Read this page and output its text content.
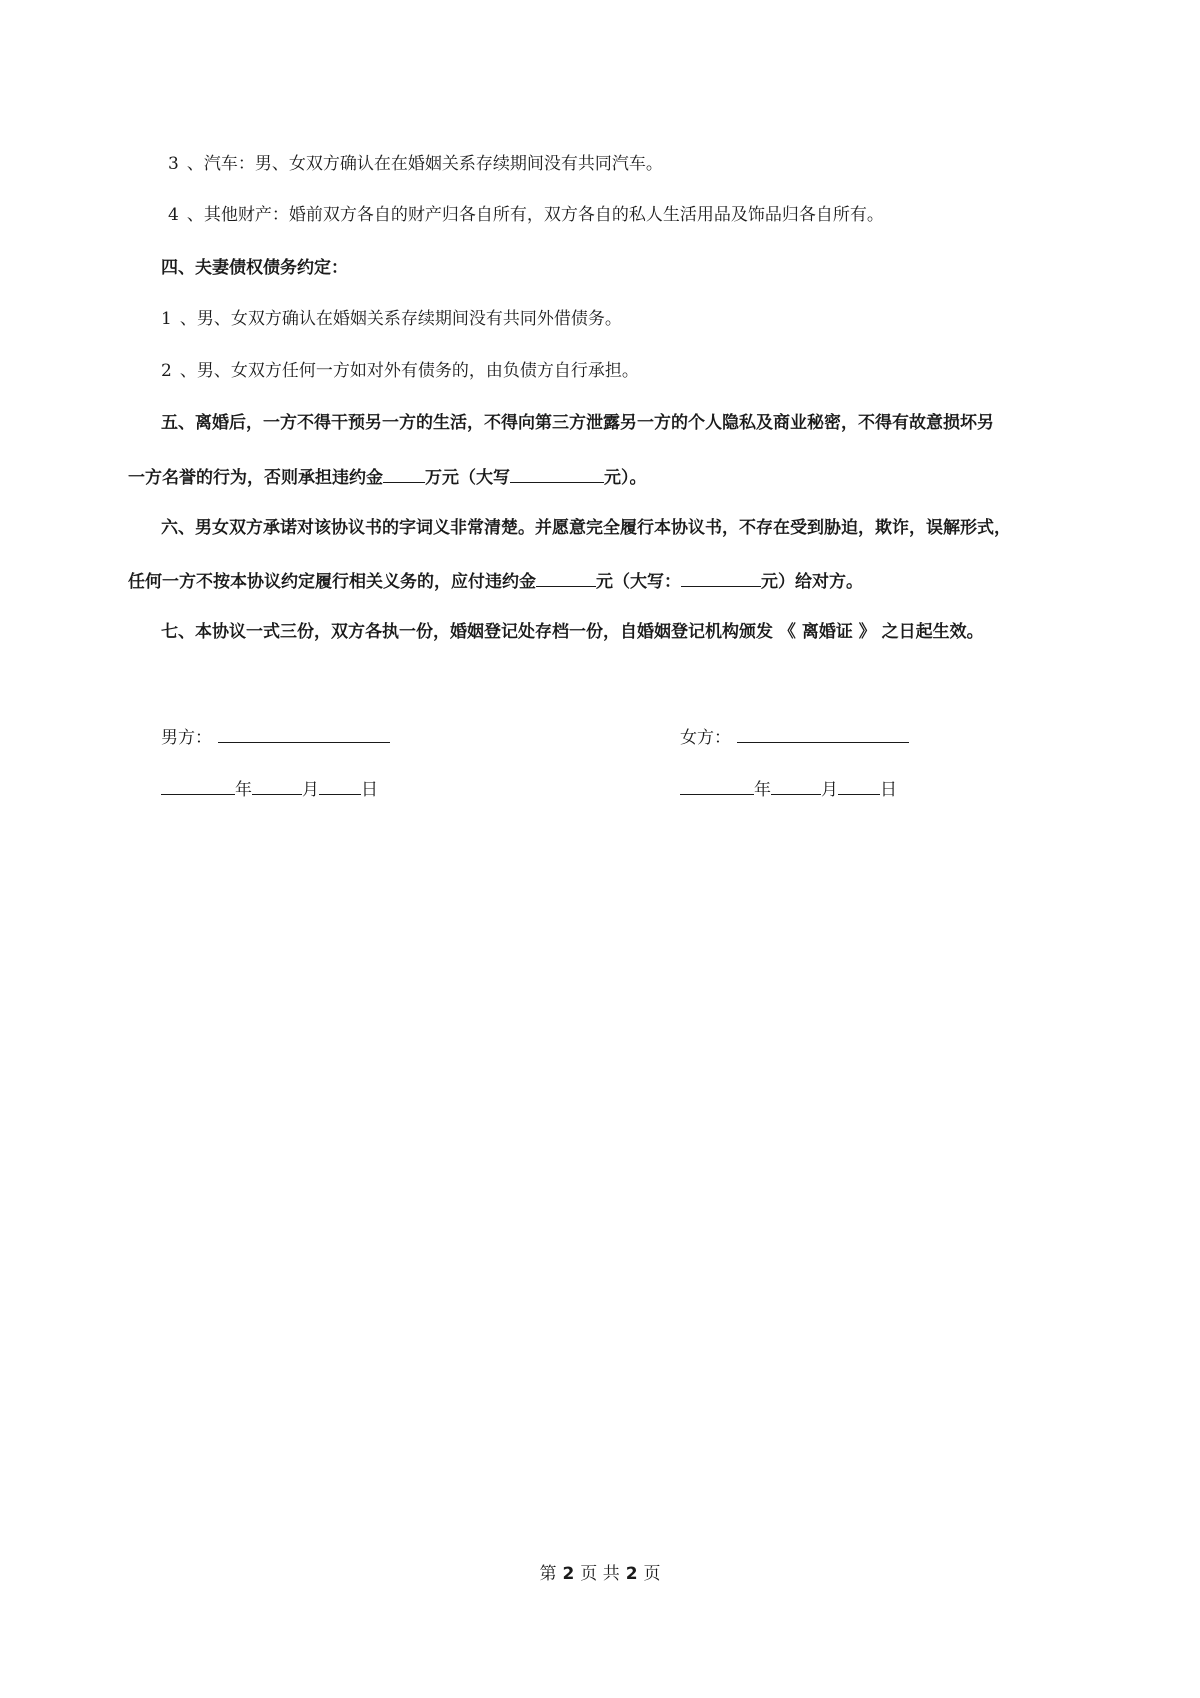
3 、汽车：男、女双方确认在在婚姻关系存续期间没有共同汽车。
4 、其他财产：婚前双方各自的财产归各自所有，双方各自的私人生活用品及饰品归各自所有。
四、夫妻债权债务约定：
1 、男、女双方确认在婚姻关系存续期间没有共同外借债务。
2 、男、女双方任何一方如对外有债务的，由负债方自行承担。
五、离婚后，一方不得干预另一方的生活，不得向第三方泄露另一方的个人隐私及商业秘密，不得有故意损坏另
一方名誉的行为，否则承担违约金 万元（大写	元）。
六、男女双方承诺对该协议书的字词义非常清楚。并愿意完全履行本协议书，不存在受到胁迫，欺诈，误解形式，
任何一方不按本协议约定履行相关义务的，应付违约金	元（大写：	元）给对方。
七、本协议一式三份，双方各执一份，婚姻登记处存档一份，自婚姻登记机构颁发 《 离婚证 》 之日起生效。
男方：	女方：
年	月 日	年	月 日
第 2 页 共 2 页
